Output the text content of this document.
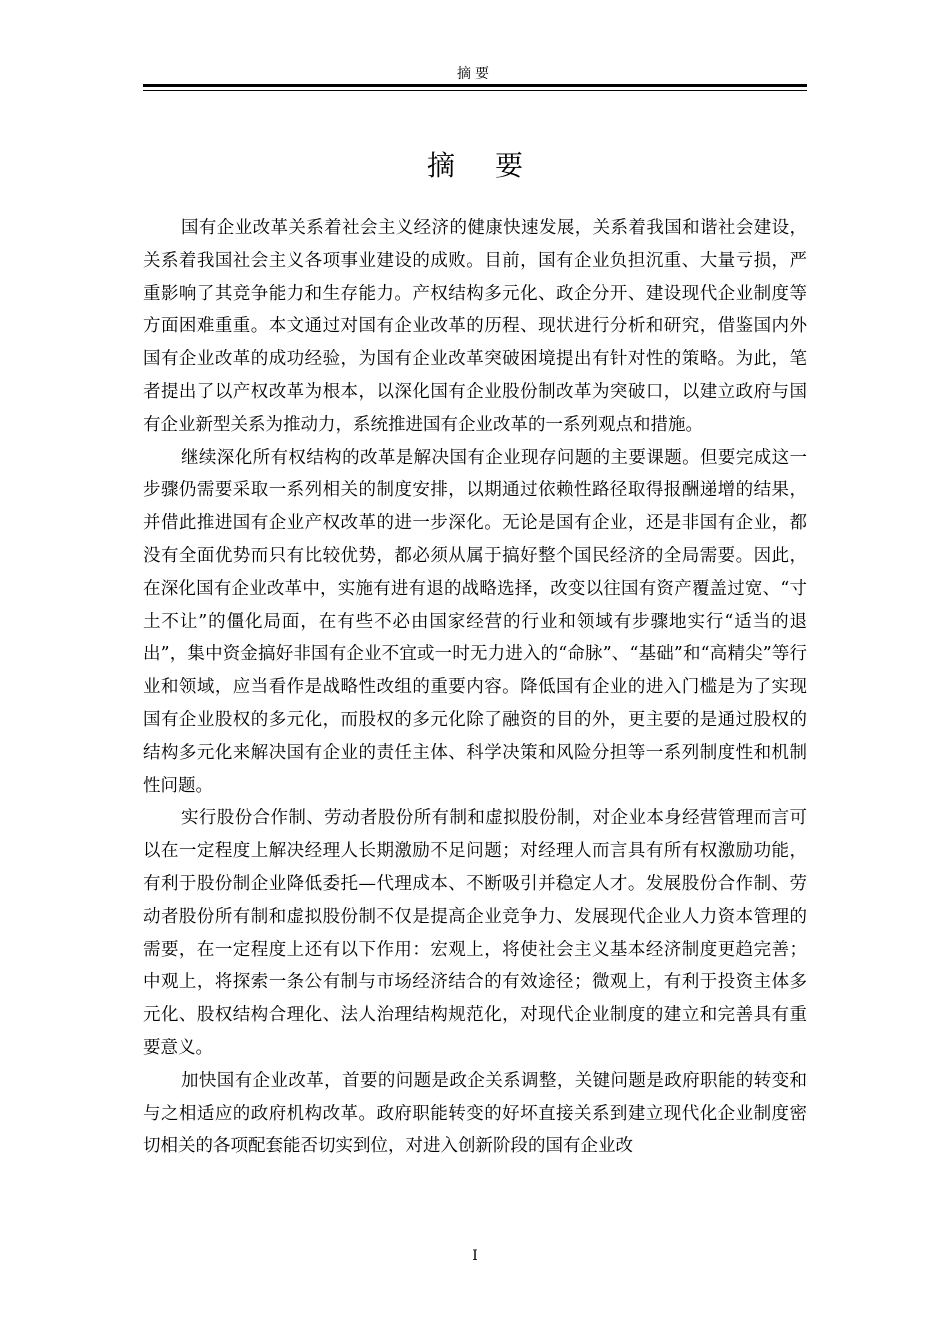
摘要
摘要

国有企业改革关系着社会主义经济的健康快速发展，关系着我国和谐社会建设，关系着我国社会主义各项事业建设的成败。目前，国有企业负担沉重、大量亏损，严重影响了其竞争能力和生存能力。产权结构多元化、政企分开、建设现代企业制度等方面困难重重。本文通过对国有企业改革的历程、现状进行分析和研究，借鉴国内外国有企业改革的成功经验，为国有企业改革突破困境提出有针对性的策略。为此，笔者提出了以产权改革为根本，以深化国有企业股份制改革为突破口，以建立政府与国有企业新型关系为推动力，系统推进国有企业改革的一系列观点和措施。

继续深化所有权结构的改革是解决国有企业现存问题的主要课题。但要完成这一步骤仍需要采取一系列相关的制度安排，以期通过依赖性路径取得报酬递增的结果，并借此推进国有企业产权改革的进一步深化。无论是国有企业，还是非国有企业，都没有全面优势而只有比较优势，都必须从属于搞好整个国民经济的全局需要。因此，在深化国有企业改革中，实施有进有退的战略选择，改变以往国有资产覆盖过宽、“寸土不让”的僵化局面，在有些不必由国家经营的行业和领域有步骤地实行“适当的退出”，集中资金搞好非国有企业不宜或一时无力进入的“命脉”、“基础”和“高精尖”等行业和领域，应当看作是战略性改组的重要内容。降低国有企业的进入门槛是为了实现国有企业股权的多元化，而股权的多元化除了融资的目的外，更主要的是通过股权的结构多元化来解决国有企业的责任主体、科学决策和风险分担等一系列制度性和机制性问题。

实行股份合作制、劳动者股份所有制和虚拟股份制，对企业本身经营管理而言可以在一定程度上解决经理人长期激励不足问题；对经理人而言具有所有权激励功能，有利于股份制企业降低委托—代理成本、不断吸引并稳定人才。发展股份合作制、劳动者股份所有制和虚拟股份制不仅是提高企业竞争力、发展现代企业人力资本管理的需要，在一定程度上还有以下作用：宏观上，将使社会主义基本经济制度更趋完善；中观上，将探索一条公有制与市场经济结合的有效途径；微观上，有利于投资主体多元化、股权结构合理化、法人治理结构规范化，对现代企业制度的建立和完善具有重要意义。

加快国有企业改革，首要的问题是政企关系调整，关键问题是政府职能的转变和与之相适应的政府机构改革。政府职能转变的好坏直接关系到建立现代化企业制度密切相关的各项配套能否切实到位，对进入创新阶段的国有企业改

I
